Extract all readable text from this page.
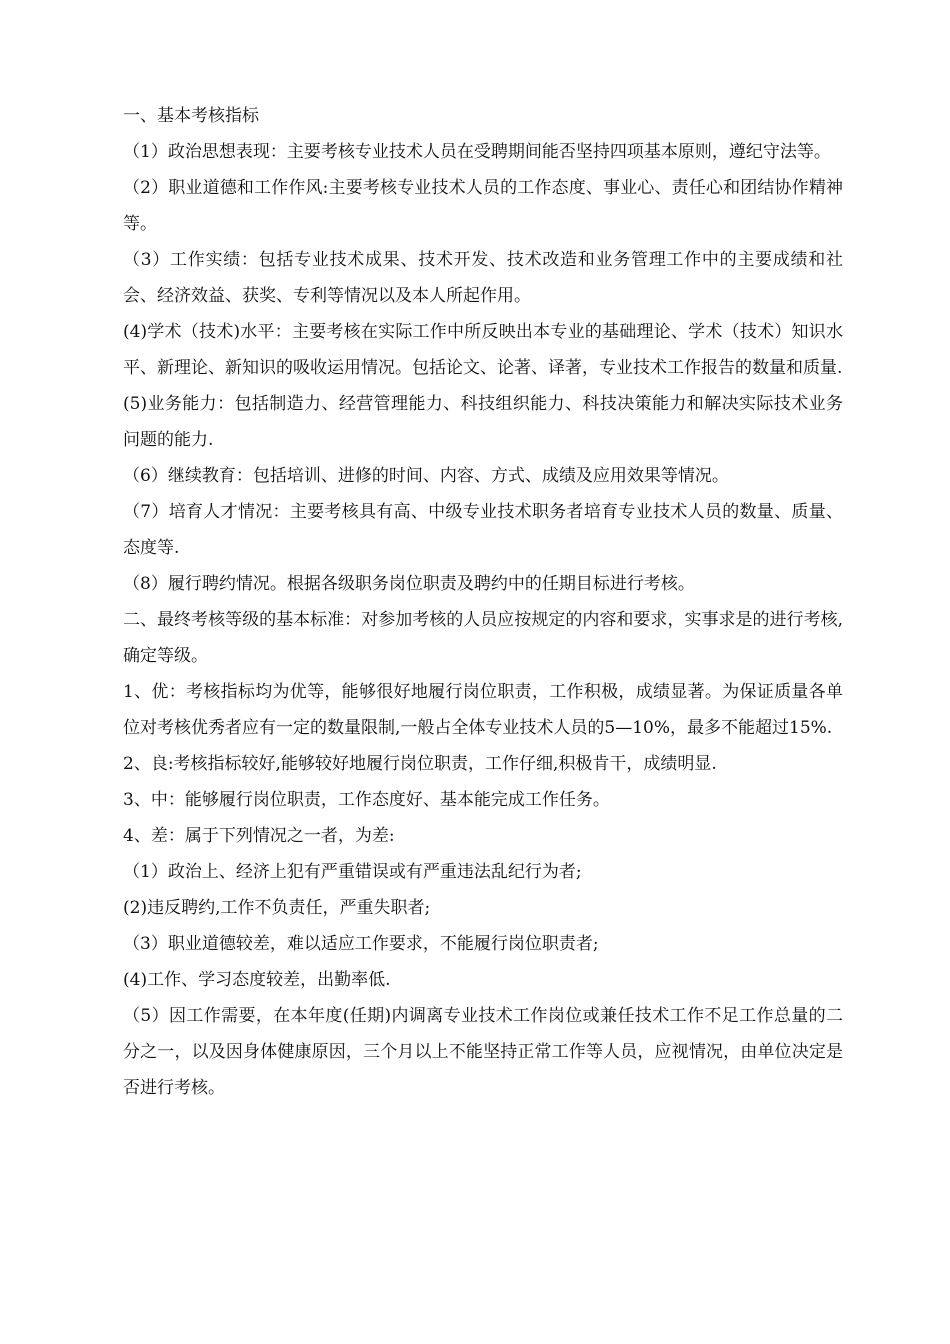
一、基本考核指标

（1）政治思想表现：主要考核专业技术人员在受聘期间能否坚持四项基本原则，遵纪守法等。

（2）职业道德和工作作风:主要考核专业技术人员的工作态度、事业心、责任心和团结协作精神等。

（3）工作实绩：包括专业技术成果、技术开发、技术改造和业务管理工作中的主要成绩和社会、经济效益、获奖、专利等情况以及本人所起作用。

(4)学术（技术)水平：主要考核在实际工作中所反映出本专业的基础理论、学术（技术）知识水平、新理论、新知识的吸收运用情况。包括论文、论著、译著，专业技术工作报告的数量和质量.

(5)业务能力：包括制造力、经营管理能力、科技组织能力、科技决策能力和解决实际技术业务问题的能力.

（6）继续教育：包括培训、进修的时间、内容、方式、成绩及应用效果等情况。

（7）培育人才情况：主要考核具有高、中级专业技术职务者培育专业技术人员的数量、质量、态度等.

（8）履行聘约情况。根据各级职务岗位职责及聘约中的任期目标进行考核。

二、最终考核等级的基本标准：对参加考核的人员应按规定的内容和要求，实事求是的进行考核,确定等级。

1、优：考核指标均为优等，能够很好地履行岗位职责，工作积极，成绩显著。为保证质量各单位对考核优秀者应有一定的数量限制,一般占全体专业技术人员的5—10%，最多不能超过15%.

2、良:考核指标较好,能够较好地履行岗位职责，工作仔细,积极肯干，成绩明显.

3、中：能够履行岗位职责，工作态度好、基本能完成工作任务。

4、差：属于下列情况之一者，为差:

（1）政治上、经济上犯有严重错误或有严重违法乱纪行为者;

(2)违反聘约,工作不负责任，严重失职者;

（3）职业道德较差，难以适应工作要求，不能履行岗位职责者;

(4)工作、学习态度较差，出勤率低.

（5）因工作需要，在本年度(任期)内调离专业技术工作岗位或兼任技术工作不足工作总量的二分之一，以及因身体健康原因，三个月以上不能坚持正常工作等人员，应视情况，由单位决定是否进行考核。
